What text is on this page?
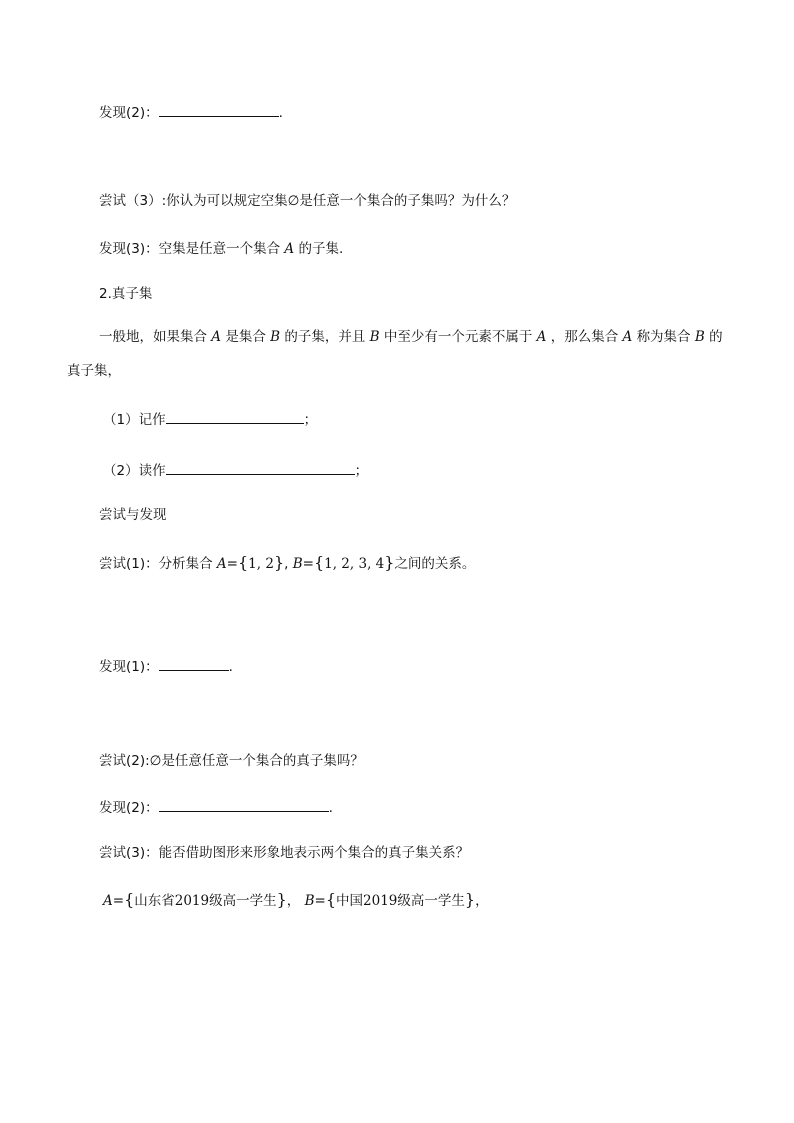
发现(2)：	.
尝试（3）:你认为可以规定空集∅是任意一个集合的子集吗？为什么？
发现(3)：空集是任意一个集合 A 的子集.
2.真子集
一般地，如果集合 A 是集合 B 的子集，并且 B 中至少有一个元素不属于 A ，那么集合 A 称为集合 B 的
真子集，
（1）记作	；
（2）读作	；
尝试与发现
尝试(1)：分析集合 A={1, 2}, B={1, 2, 3, 4}之间的关系。
发现(1)：	.
尝试(2):∅是任意任意一个集合的真子集吗？
发现(2)：	.
尝试(3)：能否借助图形来形象地表示两个集合的真子集关系？
A={山东省2019级高一学生}， B={中国2019级高一学生}，
